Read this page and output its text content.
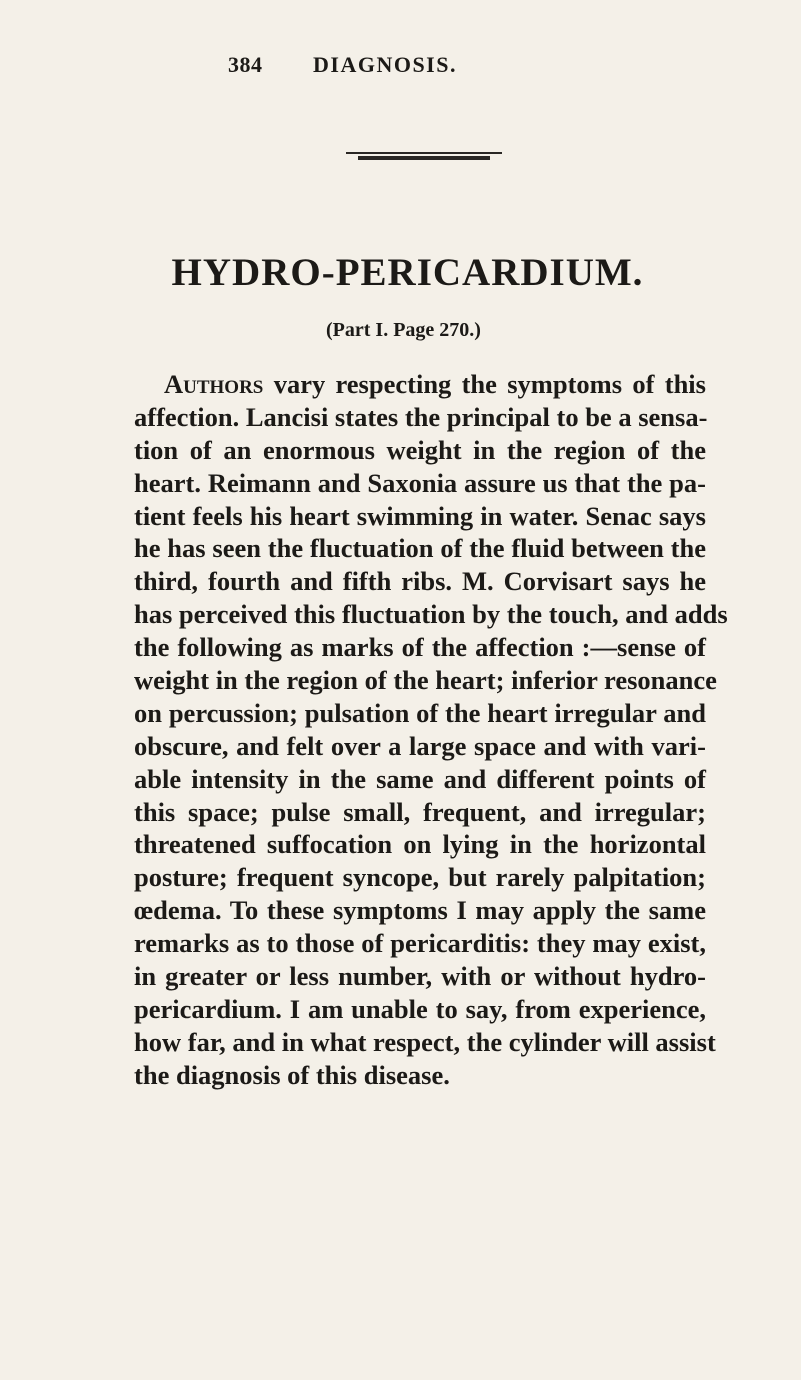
384 DIAGNOSIS.
HYDRO-PERICARDIUM.
(Part I. Page 270.)
Authors vary respecting the symptoms of this
affection. Lancisi states the principal to be a sensa-
tion of an enormous weight in the region of the
heart. Reimann and Saxonia assure us that the pa-
tient feels his heart swimming in water. Senac says
he has seen the fluctuation of the fluid between the
third, fourth and fifth ribs. M. Corvisart says he
has perceived this fluctuation by the touch, and adds
the following as marks of the affection :—sense of
weight in the region of the heart; inferior resonance
on percussion; pulsation of the heart irregular and
obscure, and felt over a large space and with vari-
able intensity in the same and different points of
this space; pulse small, frequent, and irregular;
threatened suffocation on lying in the horizontal
posture; frequent syncope, but rarely palpitation;
œdema. To these symptoms I may apply the same
remarks as to those of pericarditis: they may exist,
in greater or less number, with or without hydro-
pericardium. I am unable to say, from experience,
how far, and in what respect, the cylinder will assist
the diagnosis of this disease.
